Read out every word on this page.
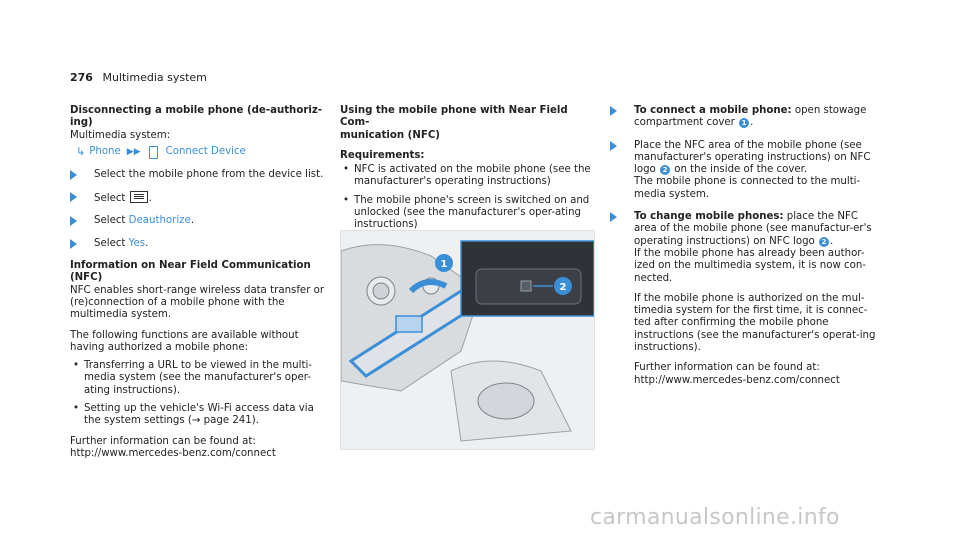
276 Multimedia system
Disconnecting a mobile phone (de-authoriz-
ing)
Multimedia system:
↳ Phone ▶▶ Connect Device
Select the mobile phone from the device list.
Select .
Select Deauthorize.
Select Yes.
Information on Near Field Communication
(NFC)
NFC enables short-range wireless data transfer or (re)connection of a mobile phone with the multimedia system.
The following functions are available without having authorized a mobile phone:
• Transferring a URL to be viewed in the multi-media system (see the manufacturer's oper-ating instructions).
• Setting up the vehicle's Wi-Fi access data via the system settings (→ page 241).
Further information can be found at: http://www.mercedes-benz.com/connect
Using the mobile phone with Near Field Com-
munication (NFC)
Requirements:
• NFC is activated on the mobile phone (see the manufacturer's operating instructions)
• The mobile phone's screen is switched on and unlocked (see the manufacturer's oper-ating instructions)
1
2
To connect a mobile phone: open stowage compartment cover 1 .
Place the NFC area of the mobile phone (see manufacturer's operating instructions) on NFC logo 2 on the inside of the cover.
The mobile phone is connected to the multi-media system.
To change mobile phones: place the NFC area of the mobile phone (see manufactur-er's operating instructions) on NFC logo 2 .
If the mobile phone has already been author-ized on the multimedia system, it is now con-nected.
If the mobile phone is authorized on the mul-timedia system for the first time, it is connec-ted after confirming the mobile phone instructions (see the manufacturer's operat-ing instructions).
Further information can be found at: http://www.mercedes-benz.com/connect
carmanualsonline.info
